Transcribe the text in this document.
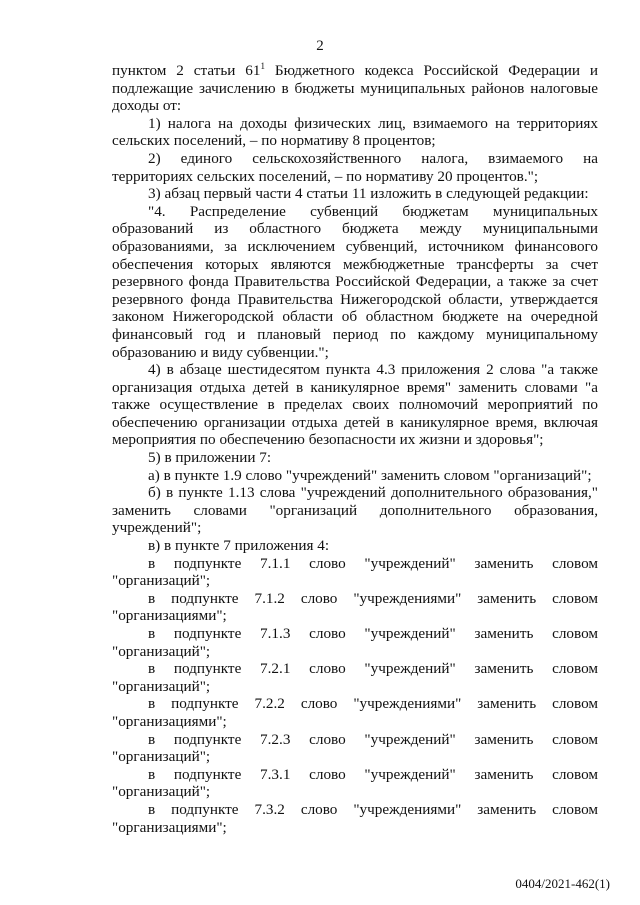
2

пунктом 2 статьи $61^1$ Бюджетного кодекса Российской Федерации и

подлежащие зачислению в бюджеты муниципальных районов налоговые доходы от:

1) налога на доходы физических лиц, взимаемого на территориях сельских поселений, – по нормативу 8 процентов;

2) единого сельскохозяйственного налога, взимаемого на территориях сельских поселений, – по нормативу 20 процентов.";

3) абзац первый части 4 статьи 11 изложить в следующей редакции:

"4. Распределение субвенций бюджетам муниципальных образований из областного бюджета между муниципальными образованиями, за исключением субвенций, источником финансового обеспечения которых являются межбюджетные трансферты за счет резервного фонда Правительства Российской Федерации, а также за счет резервного фонда Правительства Нижегородской области, утверждается законом Нижегородской области об областном бюджете на очередной финансовый год и плановый период по каждому муниципальному образованию и виду субвенции.";

4) в абзаце шестидесятом пункта 4.3 приложения 2 слова "а также организация отдыха детей в каникулярное время" заменить словами "а также осуществление в пределах своих полномочий мероприятий по обеспечению организации отдыха детей в каникулярное время, включая мероприятия по обеспечению безопасности их жизни и здоровья";

5) в приложении 7:

а) в пункте 1.9 слово "учреждений" заменить словом "организаций";

б) в пункте 1.13 слова "учреждений дополнительного образования," заменить словами "организаций дополнительного образования, учреждений";

в) в пункте 7 приложения 4:

в подпункте 7.1.1 слово "учреждений" заменить словом

"организаций";

в подпункте 7.1.2 слово "учреждениями" заменить словом

"организациями";

в подпункте 7.1.3 слово "учреждений" заменить словом

"организаций";

в подпункте 7.2.1 слово "учреждений" заменить словом

"организаций";

в подпункте 7.2.2 слово "учреждениями" заменить словом

"организациями";

в подпункте 7.2.3 слово "учреждений" заменить словом

"организаций";

в подпункте 7.3.1 слово "учреждений" заменить словом

"организаций";

в подпункте 7.3.2 слово "учреждениями" заменить словом

"организациями";

0404/2021-462(1)
